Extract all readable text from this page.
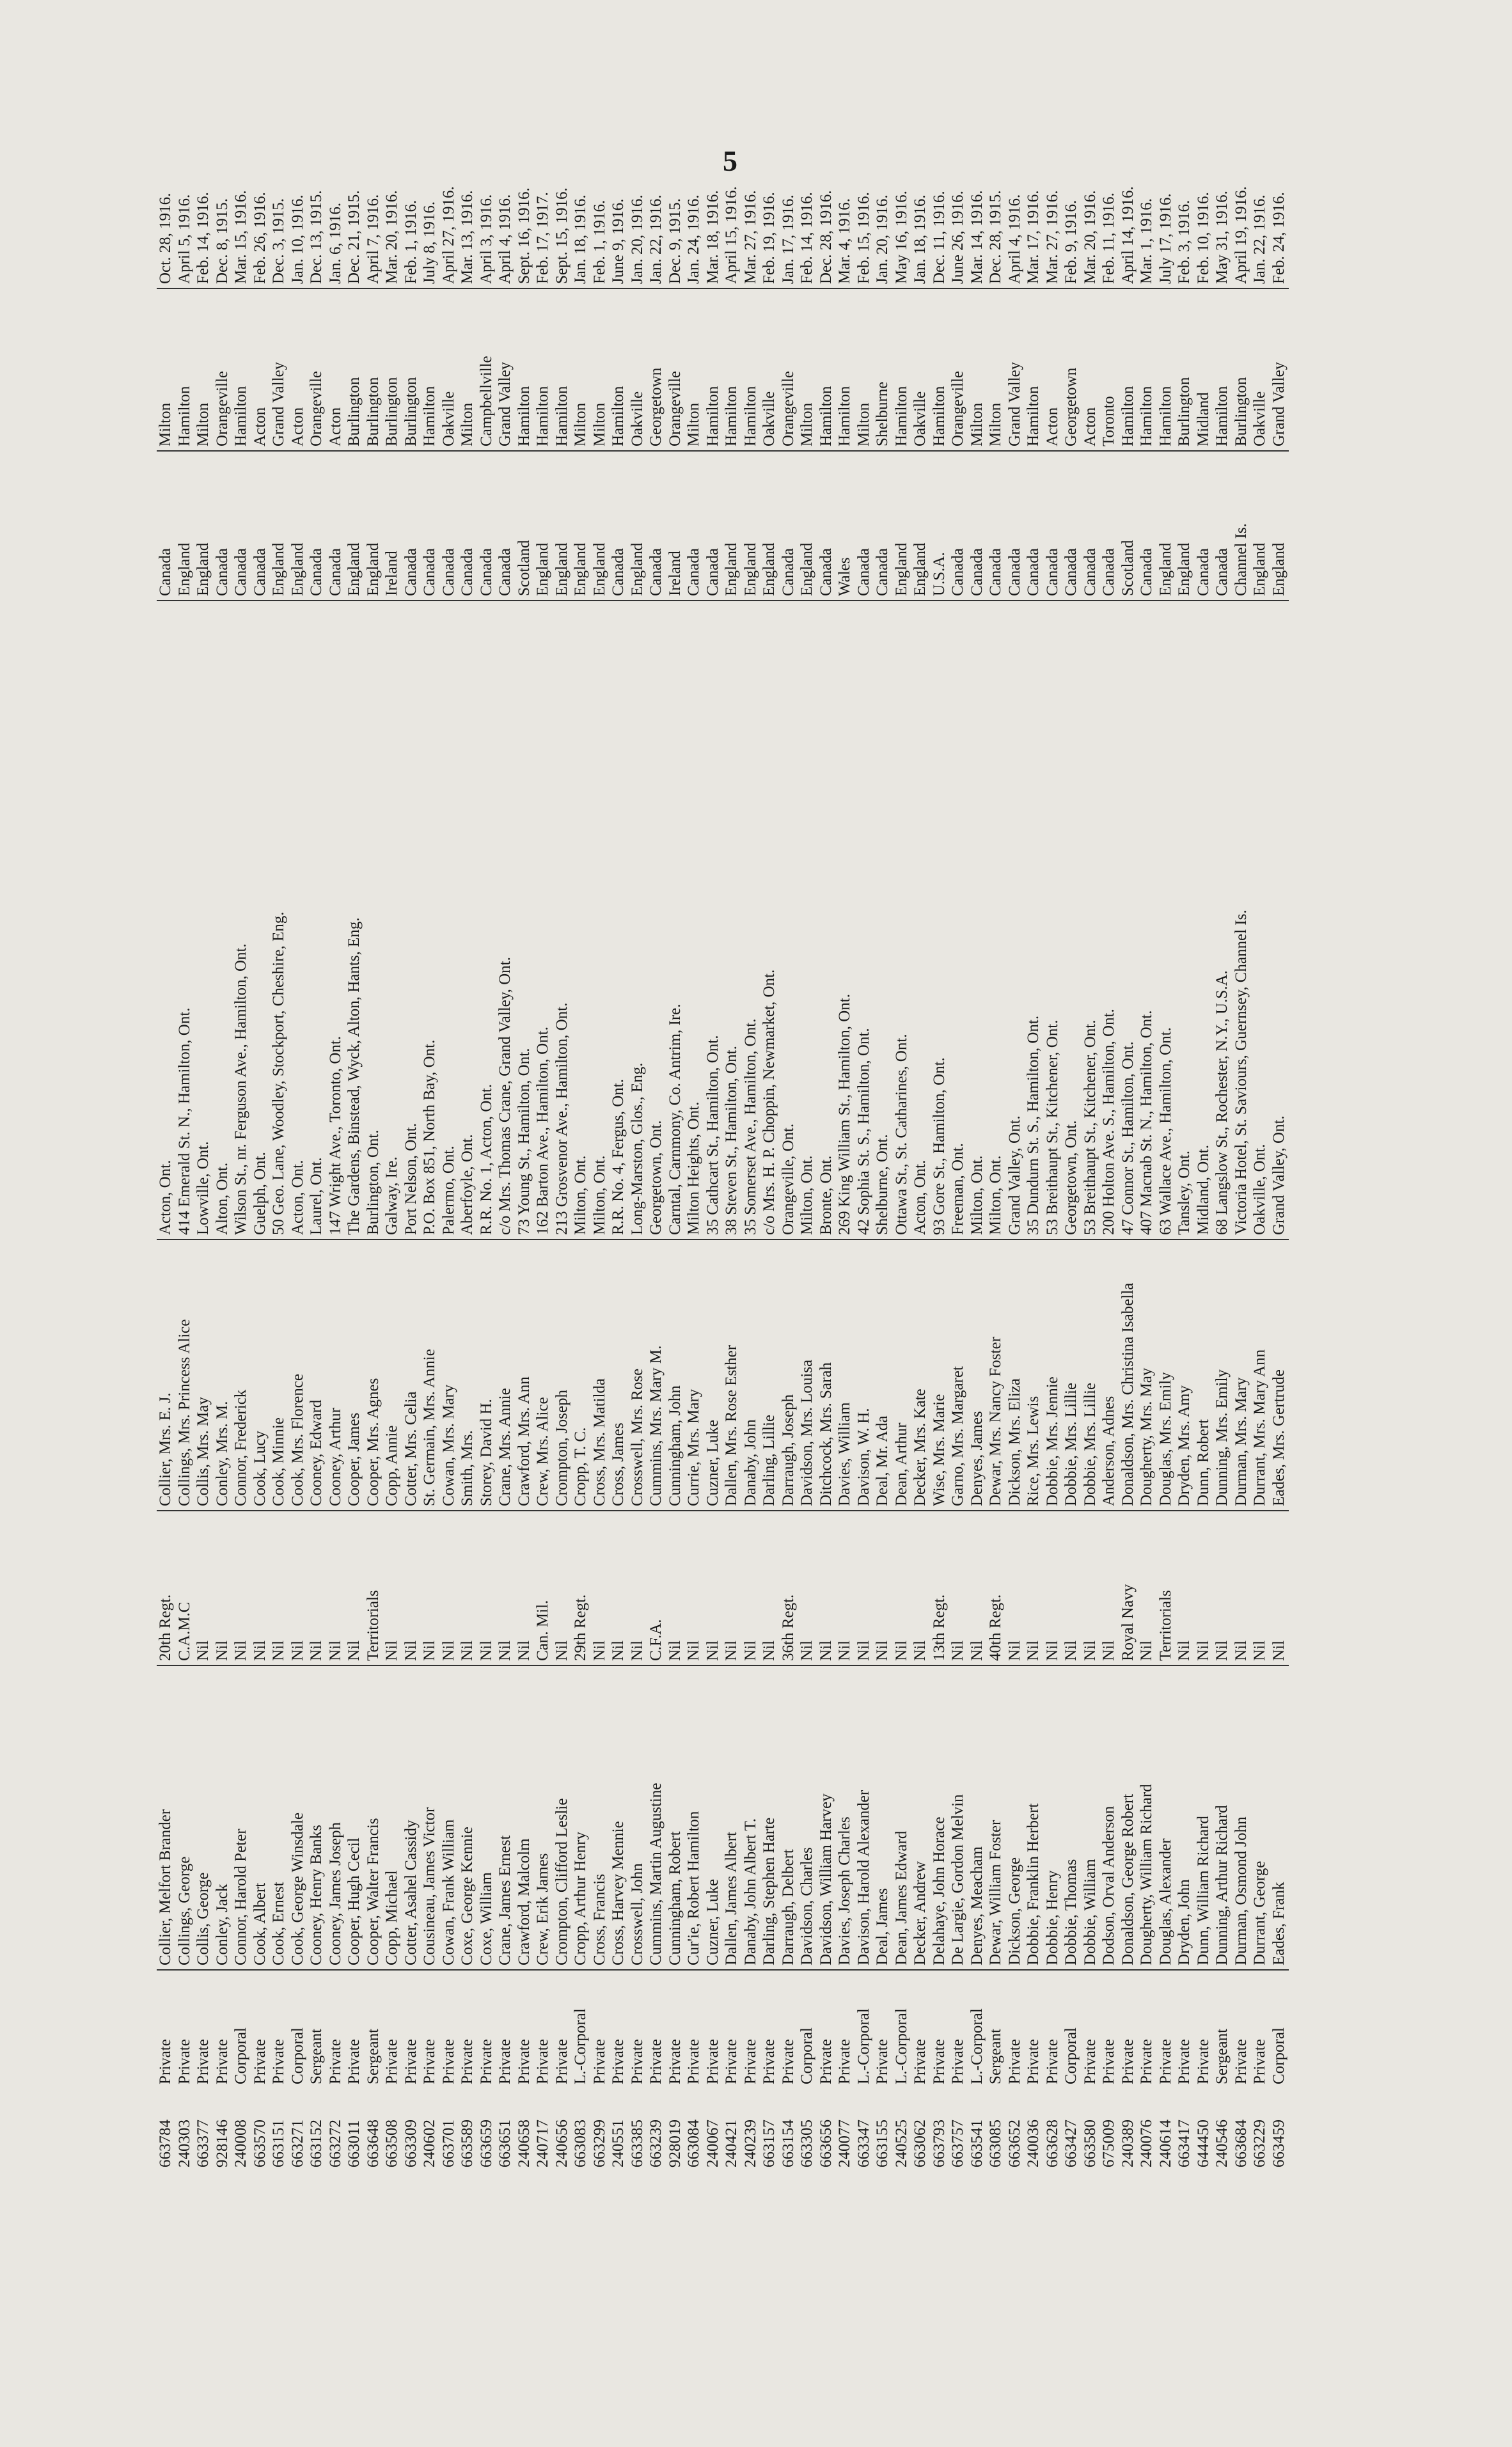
5
663784	Private	Collier, Melfort Brander	20th Regt.	Collier, Mrs. E. J.	Acton, Ont.	Canada	Milton	Oct. 28, 1916.
240303	Private	Collings, George	C.A.M.C	Collings, Mrs. Princess Alice	414 Emerald St. N., Hamilton, Ont.	England	Hamilton	April 5, 1916.
663377	Private	Collis, George	Nil	Collis, Mrs. May	Lowville, Ont.	England	Milton	Feb. 14, 1916.
928146	Private	Conley, Jack	Nil	Conley, Mrs. M.	Alton, Ont.	Canada	Orangeville	Dec. 8, 1915.
240008	Corporal	Connor, Harold Peter	Nil	Connor, Frederick	Wilson St., nr. Ferguson Ave., Hamilton, Ont.	Canada	Hamilton	Mar. 15, 1916.
663570	Private	Cook, Albert	Nil	Cook, Lucy	Guelph, Ont.	Canada	Acton	Feb. 26, 1916.
663151	Private	Cook, Ernest	Nil	Cook, Minnie	50 Geo. Lane, Woodley, Stockport, Cheshire, Eng.	England	Grand Valley	Dec. 3, 1915.
663271	Corporal	Cook, George Winsdale	Nil	Cook, Mrs. Florence	Acton, Ont.	England	Acton	Jan. 10, 1916.
663152	Sergeant	Cooney, Henry Banks	Nil	Cooney, Edward	Laurel, Ont.	Canada	Orangeville	Dec. 13, 1915.
663272	Private	Cooney, James Joseph	Nil	Cooney, Arthur	147 Wright Ave., Toronto, Ont.	Canada	Acton	Jan. 6, 1916.
663011	Private	Cooper, Hugh Cecil	Nil	Cooper, James	The Gardens, Binstead, Wyck, Alton, Hants, Eng.	England	Burlington	Dec. 21, 1915.
663648	Sergeant	Cooper, Walter Francis	Territorials	Cooper, Mrs. Agnes	Burlington, Ont.	England	Burlington	April 7, 1916.
663508	Private	Copp, Michael	Nil	Copp, Annie	Galway, Ire.	Ireland	Burlington	Mar. 20, 1916.
663309	Private	Cotter, Asahel Cassidy	Nil	Cotter, Mrs. Celia	Port Nelson, Ont.	Canada	Burlington	Feb. 1, 1916.
240602	Private	Cousineau, James Victor	Nil	St. Germain, Mrs. Annie	P.O. Box 851, North Bay, Ont.	Canada	Hamilton	July 8, 1916.
663701	Private	Cowan, Frank William	Nil	Cowan, Mrs. Mary	Palermo, Ont.	Canada	Oakville	April 27, 1916.
663589	Private	Coxe, George Kennie	Nil	Smith, Mrs.	Aberfoyle, Ont.	Canada	Milton	Mar. 13, 1916.
663659	Private	Coxe, William	Nil	Storey, David H.	R.R. No. 1, Acton, Ont.	Canada	Campbellville	April 3, 1916.
663651	Private	Crane, James Ernest	Nil	Crane, Mrs. Annie	c/o Mrs. Thomas Crane, Grand Valley, Ont.	Canada	Grand Valley	April 4, 1916.
240658	Private	Crawford, Malcolm	Nil	Crawford, Mrs. Ann	73 Young St., Hamilton, Ont.	Scotland	Hamilton	Sept. 16, 1916.
240717	Private	Crew, Erik James	Can. Mil.	Crew, Mrs. Alice	162 Barton Ave., Hamilton, Ont.	England	Hamilton	Feb. 17, 1917.
240656	Private	Crompton, Clifford Leslie	Nil	Crompton, Joseph	213 Grosvenor Ave., Hamilton, Ont.	England	Hamilton	Sept. 15, 1916.
663083	L.-Corporal	Cropp, Arthur Henry	29th Regt.	Cropp, T. C.	Milton, Ont.	England	Milton	Jan. 18, 1916.
663299	Private	Cross, Francis	Nil	Cross, Mrs. Matilda	Milton, Ont.	England	Milton	Feb. 1, 1916.
240551	Private	Cross, Harvey Mennie	Nil	Cross, James	R.R. No. 4, Fergus, Ont.	Canada	Hamilton	June 9, 1916.
663385	Private	Crosswell, John	Nil	Crosswell, Mrs. Rose	Long-Marston, Glos., Eng.	England	Oakville	Jan. 20, 1916.
663239	Private	Cummins, Martin Augustine	C.F.A.	Cummins, Mrs. Mary M.	Georgetown, Ont.	Canada	Georgetown	Jan. 22, 1916.
928019	Private	Cunningham, Robert	Nil	Cunningham, John	Carntal, Carnmony, Co. Antrim, Ire.	Ireland	Orangeville	Dec. 9, 1915.
663084	Private	Cur'ie, Robert Hamilton	Nil	Currie, Mrs. Mary	Milton Heights, Ont.	Canada	Milton	Jan. 24, 1916.
240067	Private	Cuzner, Luke	Nil	Cuzner, Luke	35 Cathcart St., Hamilton, Ont.	Canada	Hamilton	Mar. 18, 1916.
240421	Private	Dallen, James Albert	Nil	Dallen, Mrs. Rose Esther	38 Steven St., Hamilton, Ont.	England	Hamilton	April 15, 1916.
240239	Private	Danaby, John Albert T.	Nil	Danaby, John	35 Somerset Ave., Hamilton, Ont.	England	Hamilton	Mar. 27, 1916.
663157	Private	Darling, Stephen Harte	Nil	Darling, Lillie	c/o Mrs. H. P. Choppin, Newmarket, Ont.	England	Oakville	Feb. 19, 1916.
663154	Private	Darraugh, Delbert	36th Regt.	Darraugh, Joseph	Orangeville, Ont.	Canada	Orangeville	Jan. 17, 1916.
663305	Corporal	Davidson, Charles	Nil	Davidson, Mrs. Louisa	Milton, Ont.	England	Milton	Feb. 14, 1916.
663656	Private	Davidson, William Harvey	Nil	Ditchcock, Mrs. Sarah	Bronte, Ont.	Canada	Hamilton	Dec. 28, 1916.
240077	Private	Davies, Joseph Charles	Nil	Davies, William	269 King William St., Hamilton, Ont.	Wales	Hamilton	Mar. 4, 1916.
663347	L.-Corporal	Davison, Harold Alexander	Nil	Davison, W. H.	42 Sophia St. S., Hamilton, Ont.	Canada	Milton	Feb. 15, 1916.
663155	Private	Deal, James	Nil	Deal, Mr. Ada	Shelburne, Ont.	Canada	Shelburne	Jan. 20, 1916.
240525	L.-Corporal	Dean, James Edward	Nil	Dean, Arthur	Ottawa St., St. Catharines, Ont.	England	Hamilton	May 16, 1916.
663062	Private	Decker, Andrew	Nil	Decker, Mrs. Kate	Acton, Ont.	England	Oakville	Jan. 18, 1916.
663793	Private	Delahaye, John Horace	13th Regt.	Wise, Mrs. Marie	93 Gore St., Hamilton, Ont.	U.S.A.	Hamilton	Dec. 11, 1916.
663757	Private	De Largie, Gordon Melvin	Nil	Garno, Mrs. Margaret	Freeman, Ont.	Canada	Orangeville	June 26, 1916.
663541	L.-Corporal	Denyes, Meacham	Nil	Denyes, James	Milton, Ont.	Canada	Milton	Mar. 14, 1916.
663085	Sergeant	Dewar, William Foster	40th Regt.	Dewar, Mrs. Nancy Foster	Milton, Ont.	Canada	Milton	Dec. 28, 1915.
663652	Private	Dickson, George	Nil	Dickson, Mrs. Eliza	Grand Valley, Ont.	Canada	Grand Valley	April 4, 1916.
240036	Private	Dobbie, Franklin Herbert	Nil	Rice, Mrs. Lewis	35 Dundurn St. S., Hamilton, Ont.	Canada	Hamilton	Mar. 17, 1916.
663628	Private	Dobbie, Henry	Nil	Dobbie, Mrs. Jennie	53 Breithaupt St., Kitchener, Ont.	Canada	Acton	Mar. 27, 1916.
663427	Corporal	Dobbie, Thomas	Nil	Dobbie, Mrs. Lillie	Georgetown, Ont.	Canada	Georgetown	Feb. 9, 1916.
663580	Private	Dobbie, William	Nil	Dobbie, Mrs. Lillie	53 Breithaupt St., Kitchener, Ont.	Canada	Acton	Mar. 20, 1916.
675009	Private	Dodson, Orval Anderson	Nil	Anderson, Adnes	200 Holton Ave. S., Hamilton, Ont.	Canada	Toronto	Feb. 11, 1916.
240389	Private	Donaldson, George Robert	Royal Navy	Donaldson, Mrs. Christina Isabella	47 Connor St., Hamilton, Ont.	Scotland	Hamilton	April 14, 1916.
240076	Private	Dougherty, William Richard	Nil	Dougherty, Mrs. May	407 Macnab St. N., Hamilton, Ont.	Canada	Hamilton	Mar. 1, 1916.
240614	Private	Douglas, Alexander	Territorials	Douglas, Mrs. Emily	63 Wallace Ave., Hamilton, Ont.	England	Hamilton	July 17, 1916.
663417	Private	Dryden, John	Nil	Dryden, Mrs. Amy	Tansley, Ont.	England	Burlington	Feb. 3, 1916.
644450	Private	Dunn, William Richard	Nil	Dunn, Robert	Midland, Ont.	Canada	Midland	Feb. 10, 1916.
240546	Sergeant	Dunning, Arthur Richard	Nil	Dunning, Mrs. Emily	68 Langslow St., Rochester, N.Y., U.S.A.	Canada	Hamilton	May 31, 1916.
663684	Private	Durman, Osmond John	Nil	Durman, Mrs. Mary	Victoria Hotel, St. Saviours, Guernsey, Channel Is.	Channel Is.	Burlington	April 19, 1916.
663229	Private	Durrant, George	Nil	Durrant, Mrs. Mary Ann	Oakville, Ont.	England	Oakville	Jan. 22, 1916.
663459	Corporal	Eades, Frank	Nil	Eades, Mrs. Gertrude	Grand Valley, Ont.	England	Grand Valley	Feb. 24, 1916.
